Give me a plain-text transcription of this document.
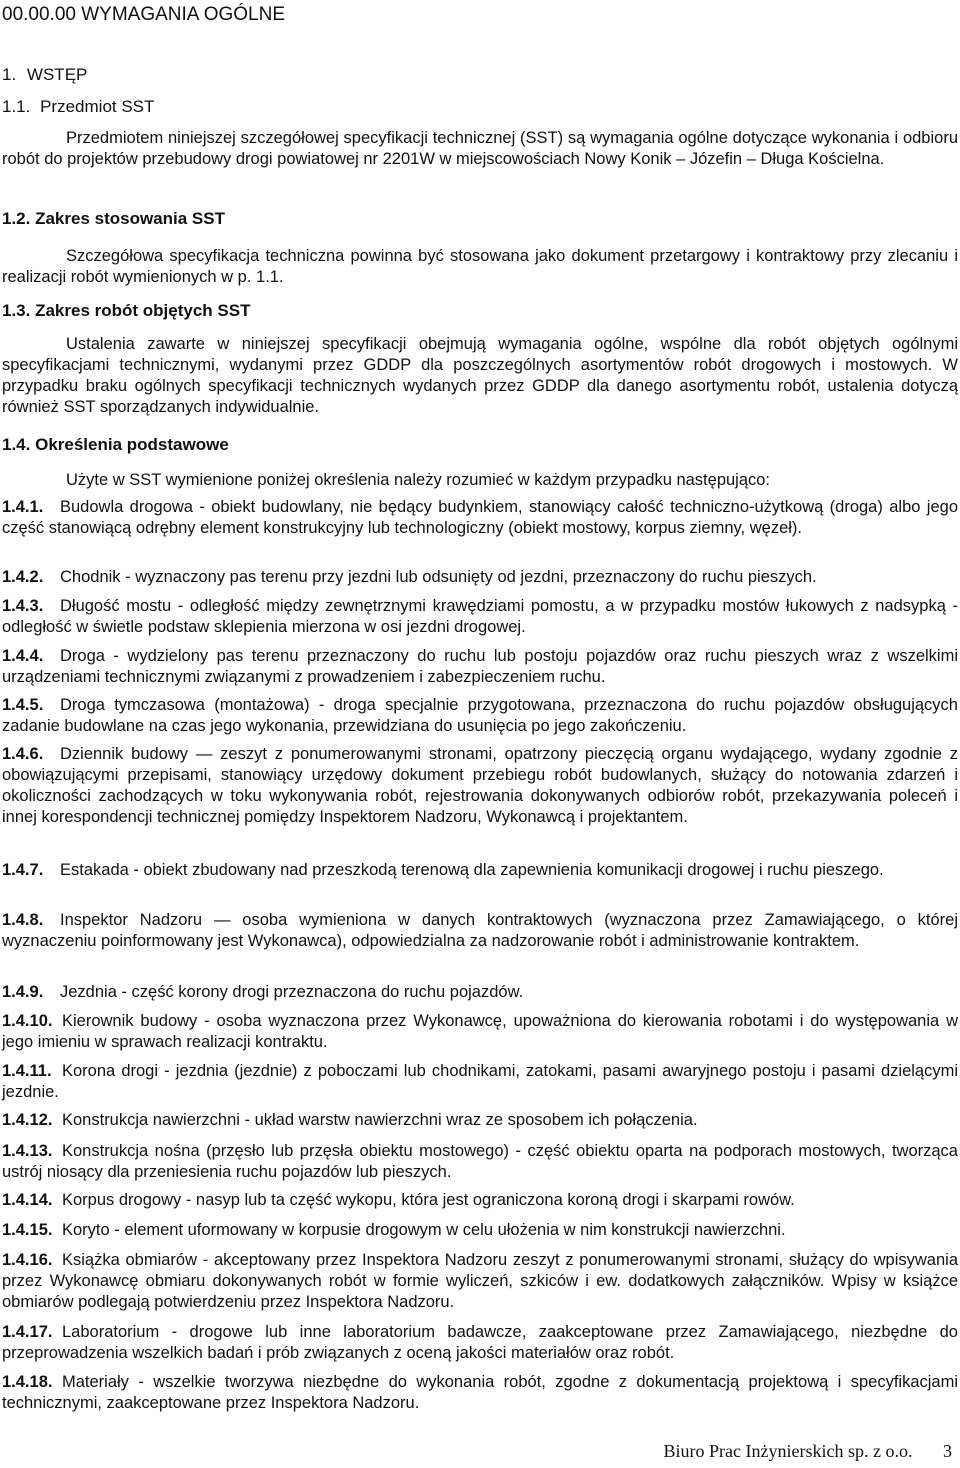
00.00.00 WYMAGANIA OGÓLNE
1. WSTĘP
1.1. Przedmiot SST
Przedmiotem niniejszej szczegółowej specyfikacji technicznej (SST) są wymagania ogólne dotyczące wykonania i odbioru robót do projektów przebudowy drogi powiatowej nr 2201W w miejscowościach Nowy Konik – Józefin – Długa Kościelna.
1.2. Zakres stosowania SST
Szczegółowa specyfikacja techniczna powinna być stosowana jako dokument przetargowy i kontraktowy przy zlecaniu i realizacji robót wymienionych w p. 1.1.
1.3. Zakres robót objętych SST
Ustalenia zawarte w niniejszej specyfikacji obejmują wymagania ogólne, wspólne dla robót objętych ogólnymi specyfikacjami technicznymi, wydanymi przez GDDP dla poszczególnych asortymentów robót drogowych i mostowych. W przypadku braku ogólnych specyfikacji technicznych wydanych przez GDDP dla danego asortymentu robót, ustalenia dotyczą również SST sporządzanych indywidualnie.
1.4. Określenia podstawowe
Użyte w SST wymienione poniżej określenia należy rozumieć w każdym przypadku następująco:
1.4.1. Budowla drogowa - obiekt budowlany, nie będący budynkiem, stanowiący całość techniczno-użytkową (droga) albo jego część stanowiącą odrębny element konstrukcyjny lub technologiczny (obiekt mostowy, korpus ziemny, węzeł).
1.4.2. Chodnik - wyznaczony pas terenu przy jezdni lub odsunięty od jezdni, przeznaczony do ruchu pieszych.
1.4.3. Długość mostu - odległość między zewnętrznymi krawędziami pomostu, a w przypadku mostów łukowych z nadsypką - odległość w świetle podstaw sklepienia mierzona w osi jezdni drogowej.
1.4.4. Droga - wydzielony pas terenu przeznaczony do ruchu lub postoju pojazdów oraz ruchu pieszych wraz z wszelkimi urządzeniami technicznymi związanymi z prowadzeniem i zabezpieczeniem ruchu.
1.4.5. Droga tymczasowa (montażowa) - droga specjalnie przygotowana, przeznaczona do ruchu pojazdów obsługujących zadanie budowlane na czas jego wykonania, przewidziana do usunięcia po jego zakończeniu.
1.4.6. Dziennik budowy — zeszyt z ponumerowanymi stronami, opatrzony pieczęcią organu wydającego, wydany zgodnie z obowiązującymi przepisami, stanowiący urzędowy dokument przebiegu robót budowlanych, służący do notowania zdarzeń i okoliczności zachodzących w toku wykonywania robót, rejestrowania dokonywanych odbiorów robót, przekazywania poleceń i innej korespondencji technicznej pomiędzy Inspektorem Nadzoru, Wykonawcą i projektantem.
1.4.7. Estakada - obiekt zbudowany nad przeszkodą terenową dla zapewnienia komunikacji drogowej i ruchu pieszego.
1.4.8. Inspektor Nadzoru — osoba wymieniona w danych kontraktowych (wyznaczona przez Zamawiającego, o której wyznaczeniu poinformowany jest Wykonawca), odpowiedzialna za nadzorowanie robót i administrowanie kontraktem.
1.4.9. Jezdnia - część korony drogi przeznaczona do ruchu pojazdów.
1.4.10. Kierownik budowy - osoba wyznaczona przez Wykonawcę, upoważniona do kierowania robotami i do występowania w jego imieniu w sprawach realizacji kontraktu.
1.4.11. Korona drogi - jezdnia (jezdnie) z poboczami lub chodnikami, zatokami, pasami awaryjnego postoju i pasami dzielącymi jezdnie.
1.4.12. Konstrukcja nawierzchni - układ warstw nawierzchni wraz ze sposobem ich połączenia.
1.4.13. Konstrukcja nośna (przęsło lub przęsła obiektu mostowego) - część obiektu oparta na podporach mostowych, tworząca ustrój niosący dla przeniesienia ruchu pojazdów lub pieszych.
1.4.14. Korpus drogowy - nasyp lub ta część wykopu, która jest ograniczona koroną drogi i skarpami rowów.
1.4.15. Koryto - element uformowany w korpusie drogowym w celu ułożenia w nim konstrukcji nawierzchni.
1.4.16. Książka obmiarów - akceptowany przez Inspektora Nadzoru zeszyt z ponumerowanymi stronami, służący do wpisywania przez Wykonawcę obmiaru dokonywanych robót w formie wyliczeń, szkiców i ew. dodatkowych załączników. Wpisy w książce obmiarów podlegają potwierdzeniu przez Inspektora Nadzoru.
1.4.17. Laboratorium - drogowe lub inne laboratorium badawcze, zaakceptowane przez Zamawiającego, niezbędne do przeprowadzenia wszelkich badań i prób związanych z oceną jakości materiałów oraz robót.
1.4.18. Materiały - wszelkie tworzywa niezbędne do wykonania robót, zgodne z dokumentacją projektową i specyfikacjami technicznymi, zaakceptowane przez Inspektora Nadzoru.
Biuro Prac Inżynierskich sp. z o.o. 3
